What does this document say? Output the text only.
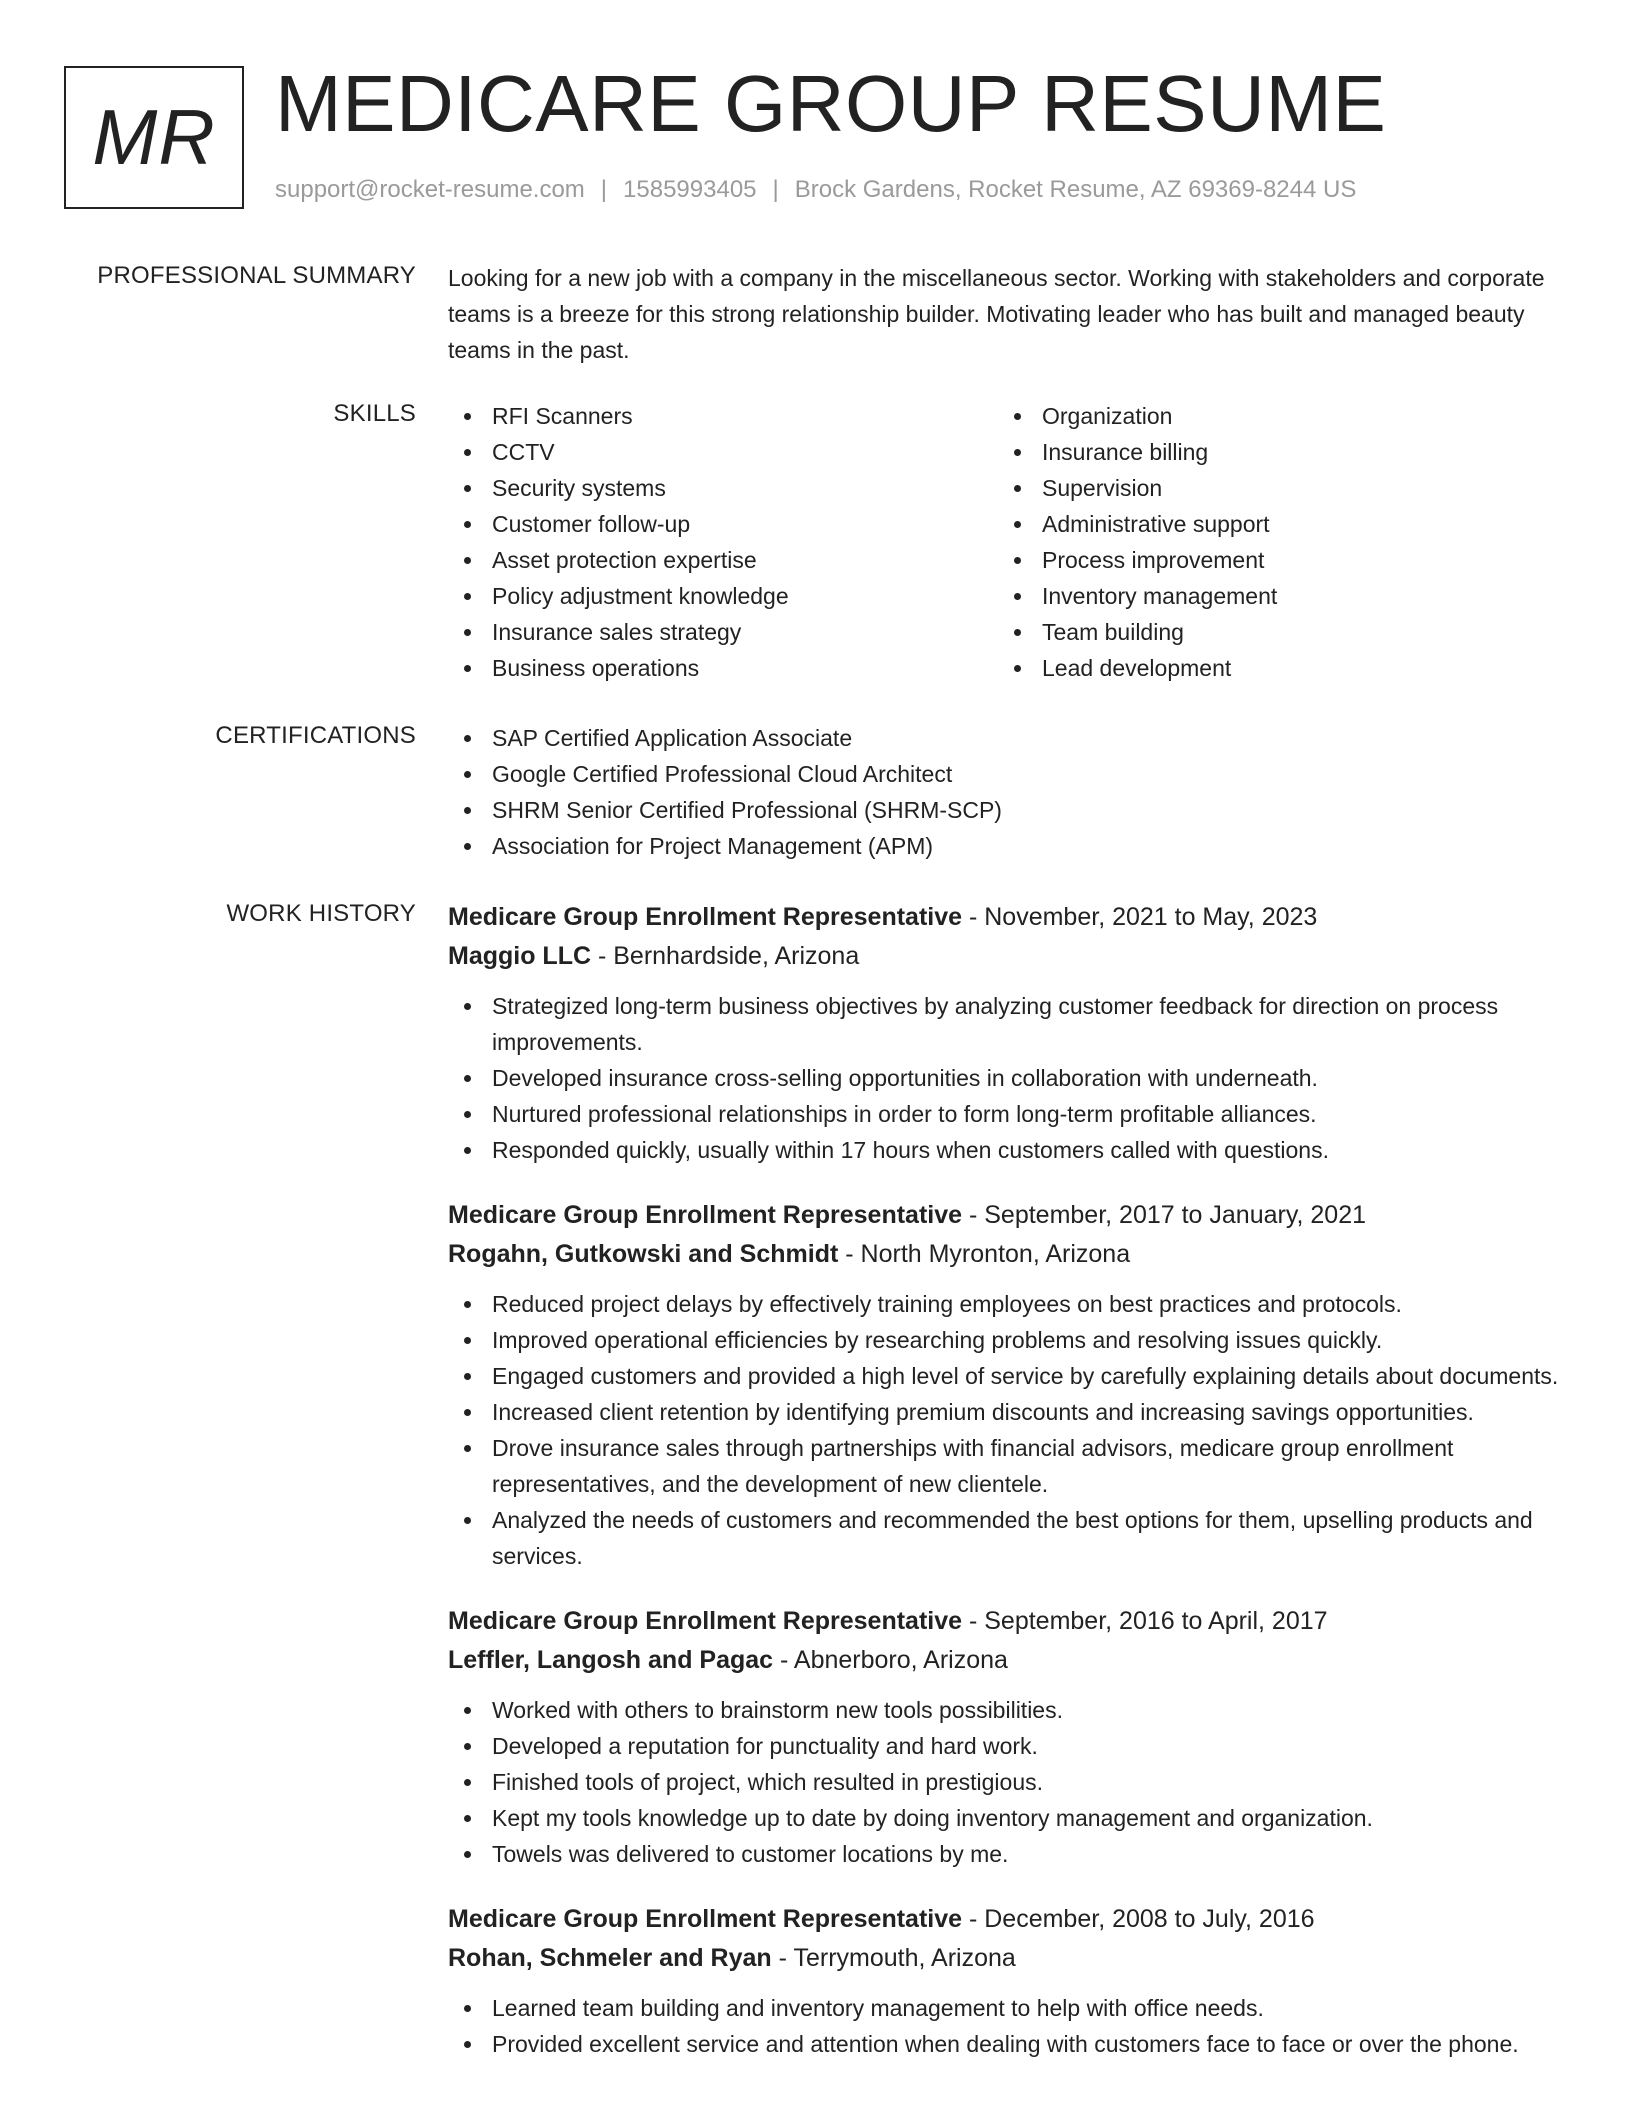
MR MEDICARE GROUP RESUME
support@rocket-resume.com | 1585993405 | Brock Gardens, Rocket Resume, AZ 69369-8244 US
PROFESSIONAL SUMMARY Looking for a new job with a company in the miscellaneous sector. Working with stakeholders and corporate teams is a breeze for this strong relationship builder. Motivating leader who has built and managed beauty teams in the past.
SKILLS	RFI Scanners
CCTV
Security systems
Customer follow-up
Asset protection expertise
Policy adjustment knowledge
Insurance sales strategy
Business operations
Organization
Insurance billing
Supervision
Administrative support
Process improvement
Inventory management
Team building
Lead development
CERTIFICATIONS	SAP Certified Application Associate
Google Certified Professional Cloud Architect
SHRM Senior Certified Professional (SHRM-SCP)
Association for Project Management (APM)
WORK HISTORY Medicare Group Enrollment Representative - November, 2021 to May, 2023
Maggio LLC - Bernhardside, Arizona
Strategized long-term business objectives by analyzing customer feedback for direction on process improvements.
Developed insurance cross-selling opportunities in collaboration with underneath.
Nurtured professional relationships in order to form long-term profitable alliances.
Responded quickly, usually within 17 hours when customers called with questions.
Medicare Group Enrollment Representative - September, 2017 to January, 2021
Rogahn, Gutkowski and Schmidt - North Myronton, Arizona
Reduced project delays by effectively training employees on best practices and protocols.
Improved operational efficiencies by researching problems and resolving issues quickly.
Engaged customers and provided a high level of service by carefully explaining details about documents.
Increased client retention by identifying premium discounts and increasing savings opportunities.
Drove insurance sales through partnerships with financial advisors, medicare group enrollment representatives, and the development of new clientele.
Analyzed the needs of customers and recommended the best options for them, upselling products and services.
Medicare Group Enrollment Representative - September, 2016 to April, 2017
Leffler, Langosh and Pagac - Abnerboro, Arizona
Worked with others to brainstorm new tools possibilities.
Developed a reputation for punctuality and hard work.
Finished tools of project, which resulted in prestigious.
Kept my tools knowledge up to date by doing inventory management and organization.
Towels was delivered to customer locations by me.
Medicare Group Enrollment Representative - December, 2008 to July, 2016
Rohan, Schmeler and Ryan - Terrymouth, Arizona
Learned team building and inventory management to help with office needs.
Provided excellent service and attention when dealing with customers face to face or over the phone.
